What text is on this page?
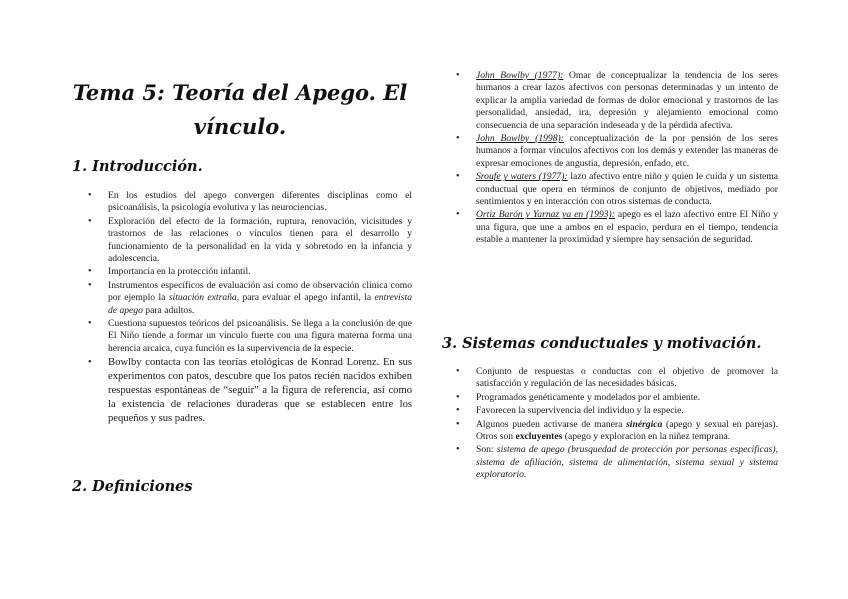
Tema 5: Teoría del Apego. El vínculo.
1. Introducción.
• En los estudios del apego convergen diferentes disciplinas como el psicoanálisis, la psicología evolutiva y las neurociencias.
• Exploración del efecto de la formación, ruptura, renovación, vicisitudes y trastornos de las relaciones o vínculos tienen para el desarrollo y funcionamiento de la personalidad en la vida y sobretodo en la infancia y adolescencia.
• Importancia en la protección infantil.
• Instrumentos específicos de evaluación así como de observación clínica como por ejemplo la situación extraña, para evaluar el apego infantil, la entrevista de apego para adultos.
• Cuestiona supuestos teóricos del psicoanálisis. Se llega a la conclusión de que El Niño tiende a formar un vínculo fuerte con una figura materna forma una herencia arcaica, cuya función es la supervivencia de la especie.
• Bowlby contacta con las teorías etológicas de Konrad Lorenz. En sus experimentos con patos, descubre que los patos recién nacidos exhiben respuestas espontáneas de “seguir” a la figura de referencia, así como la existencia de relaciones duraderas que se establecen entre los pequeños y sus padres.
2. Definiciones
• John Bowlby (1977): Omar de conceptualizar la tendencia de los seres humanos a crear lazos afectivos con personas determinadas y un intento de explicar la amplia variedad de formas de dolor emocional y trastornos de las personalidad, ansiedad, ira, depresión y alejamiento emocional como consecuencia de una separación indeseada y de la pérdida afectiva.
• John Bowlby (1998): conceptualización de la por pensión de los seres humanos a formar vínculos afectivos con los demás y extender las maneras de expresar emociones de angustia, depresión, enfado, etc.
• Sroufe y waters (1977): lazo afectivo entre niño y quien le cuida y un sistema conductual que opera en términos de conjunto de objetivos, mediado por sentimientos y en interacción con otros sistemas de conducta.
• Ortiz Barón y Yarnaz ya en (1993): apego es el lazo afectivo entre El Niño y una figura, que une a ambos en el espacio, perdura en el tiempo, tendencia estable a mantener la proximidad y siempre hay sensación de seguridad.
3. Sistemas conductuales y motivación.
• Conjunto de respuestas o conductas con el objetivo de promover la satisfacción y regulación de las necesidades básicas.
• Programados genéticamente y modelados por el ambiente.
• Favorecen la supervivencia del individuo y la especie.
• Algunos pueden activarse de manera sinérgica (apego y sexual en parejas). Otros son excluyentes (apego y exploracion en la niñez temprana.
• Son: sistema de apego (brusquedad de protección por personas especificas), sistema de afiliación, sistema de alimentación, sistema sexual y sistema exploratorio.
